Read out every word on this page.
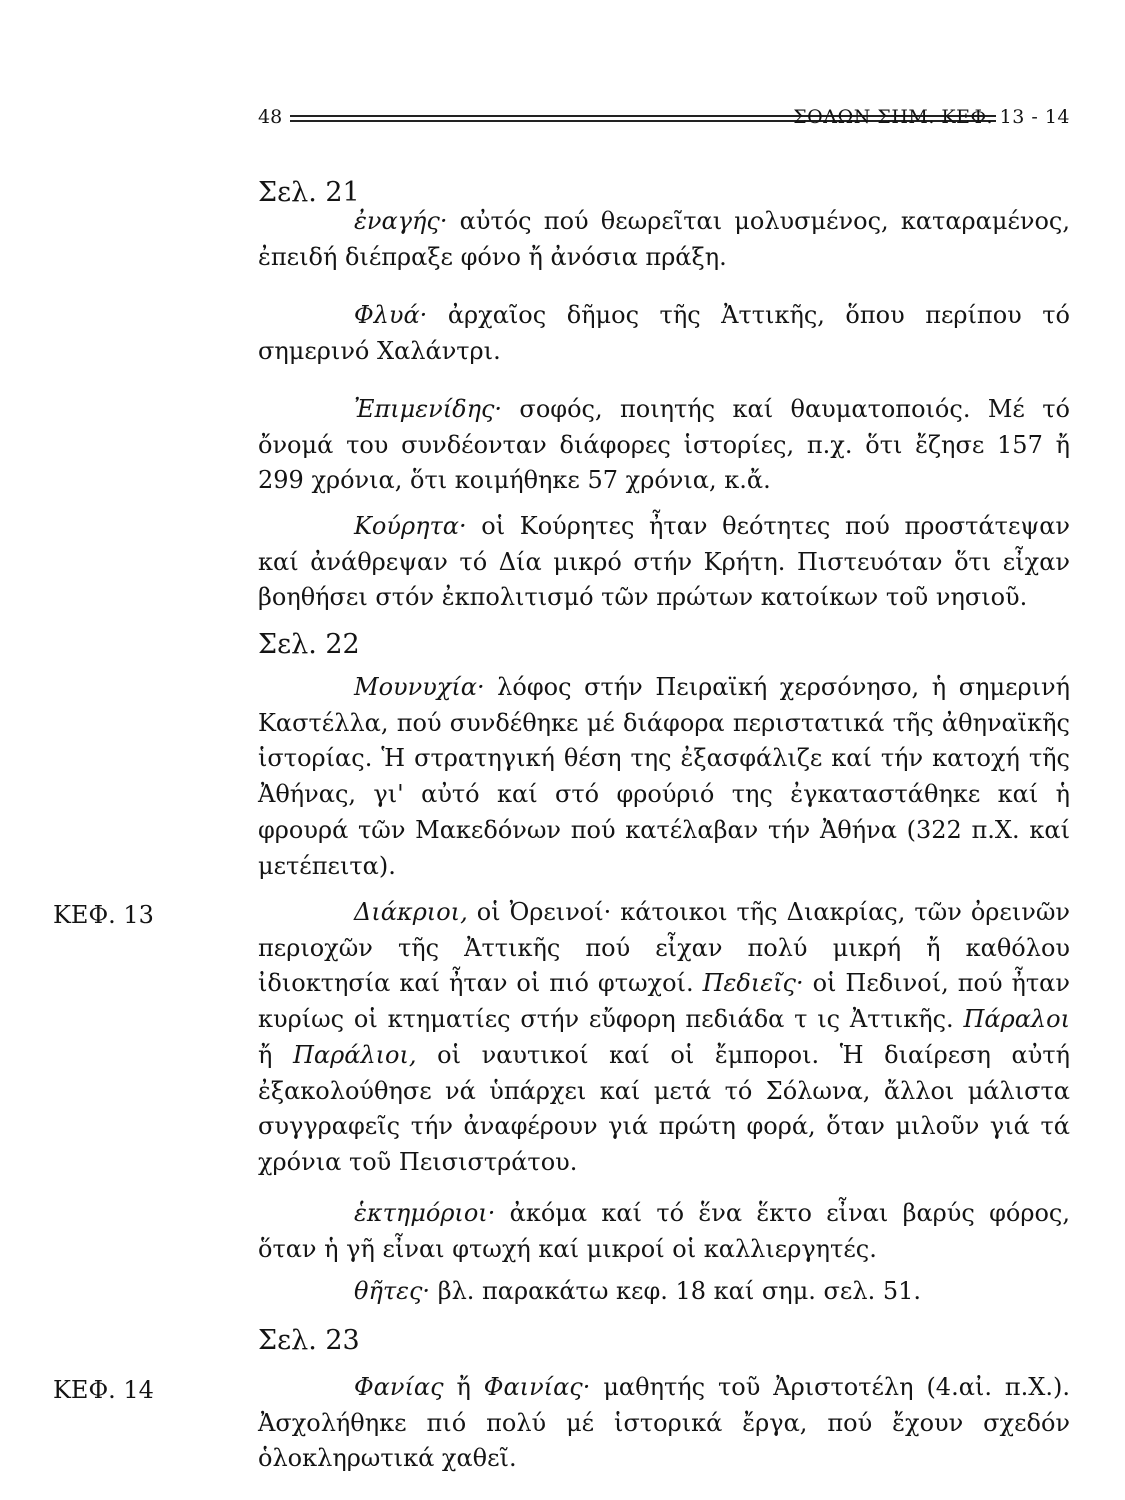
48	ΣΟΛΩΝ ΣΗΜ. ΚΕΦ. 13 - 14
Σελ. 21

ἐναγής· αὐτός πού θεωρεῖται μολυσμένος, καταραμένος, ἐπειδή διέπραξε φόνο ἤ ἀνόσια πράξη.

Φλυά· ἀρχαῖος δῆμος τῆς Ἀττικῆς, ὅπου περίπου τό σημερινό Χαλάντρι.

Ἐπιμενίδης· σοφός, ποιητής καί θαυματοποιός. Μέ τό ὄνομά του συνδέονταν διάφορες ἱστορίες, π.χ. ὅτι ἔζησε 157 ἤ 299 χρόνια, ὅτι κοιμήθηκε 57 χρόνια, κ.ἄ.

Κούρητα· οἱ Κούρητες ἦταν θεότητες πού προστάτεψαν καί ἀνάθρεψαν τό Δία μικρό στήν Κρήτη. Πιστευόταν ὅτι εἶχαν βοηθήσει στόν ἐκπολιτισμό τῶν πρώτων κατοίκων τοῦ νησιοῦ.

Σελ. 22

Μουνυχία· λόφος στήν Πειραϊκή χερσόνησο, ἡ σημερινή Καστέλλα, πού συνδέθηκε μέ διάφορα περιστατικά τῆς ἀθηναϊκῆς ἱστορίας. Ἡ στρατηγική θέση της ἐξασφάλιζε καί τήν κατοχή τῆς Ἀθήνας, γι' αὐτό καί στό φρούριό της ἐγκαταστάθηκε καί ἡ φρουρά τῶν Μακεδόνων πού κατέλαβαν τήν Ἀθήνα (322 π.Χ. καί μετέπειτα).

ΚΕΦ. 13	Διάκριοι, οἱ Ὀρεινοί· κάτοικοι τῆς Διακρίας, τῶν ὀρεινῶν περιοχῶν τῆς Ἀττικῆς πού εἶχαν πολύ μικρή ἤ καθόλου ἰδιοκτησία καί ἦταν οἱ πιό φτωχοί. Πεδιεῖς· οἱ Πεδινοί, πού ἦταν κυρίως οἱ κτηματίες στήν εὔφορη πεδιάδα τ ις Ἀττικῆς. Πάραλοι ἤ Παράλιοι, οἱ ναυτικοί καί οἱ ἔμποροι. Ἡ διαίρεση αὐτή ἐξακολούθησε νά ὑπάρχει καί μετά τό Σόλωνα, ἄλλοι μάλιστα συγγραφεῖς τήν ἀναφέρουν γιά πρώτη φορά, ὅταν μιλοῦν γιά τά χρόνια τοῦ Πεισιστράτου.

ἑκτημόριοι· ἀκόμα καί τό ἕνα ἕκτο εἶναι βαρύς φόρος, ὅταν ἡ γῆ εἶναι φτωχή καί μικροί οἱ καλλιεργητές.

θῆτες· βλ. παρακάτω κεφ. 18 καί σημ. σελ. 51.

Σελ. 23
ΚΕΦ. 14	Φανίας ἤ Φαινίας· μαθητής τοῦ Ἀριστοτέλη (4.αἰ. π.Χ.). Ἀσχολήθηκε πιό πολύ μέ ἱστορικά ἔργα, πού ἔχουν σχεδόν ὁλοκληρωτικά χαθεῖ.
